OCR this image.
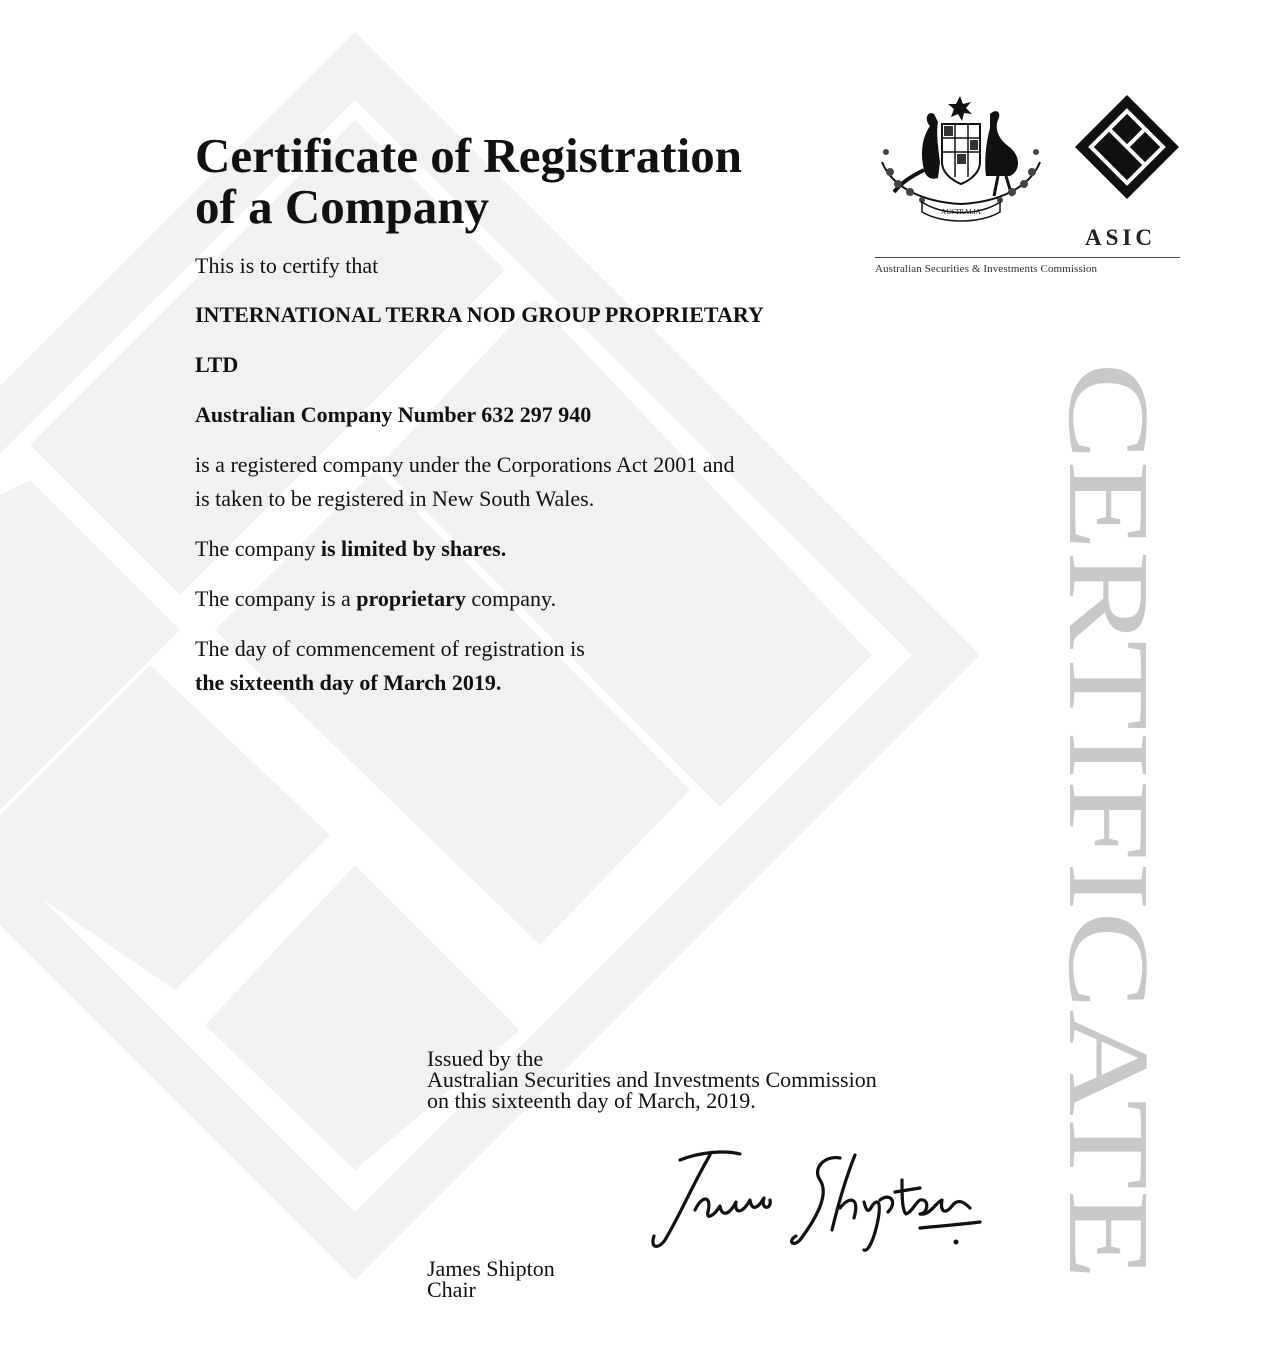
CERTIFICATE
Certificate of Registration
of a Company
This is to certify that
INTERNATIONAL TERRA NOD GROUP PROPRIETARY
LTD
Australian Company Number 632 297 940
is a registered company under the Corporations Act 2001 and
is taken to be registered in New South Wales.
The company is limited by shares.
The company is a proprietary company.
The day of commencement of registration is
the sixteenth day of March 2019.
Issued by the
Australian Securities and Investments Commission
on this sixteenth day of March, 2019.
James Shipton
Chair
AUSTRALIA
ASIC
Australian Securities & Investments Commission
